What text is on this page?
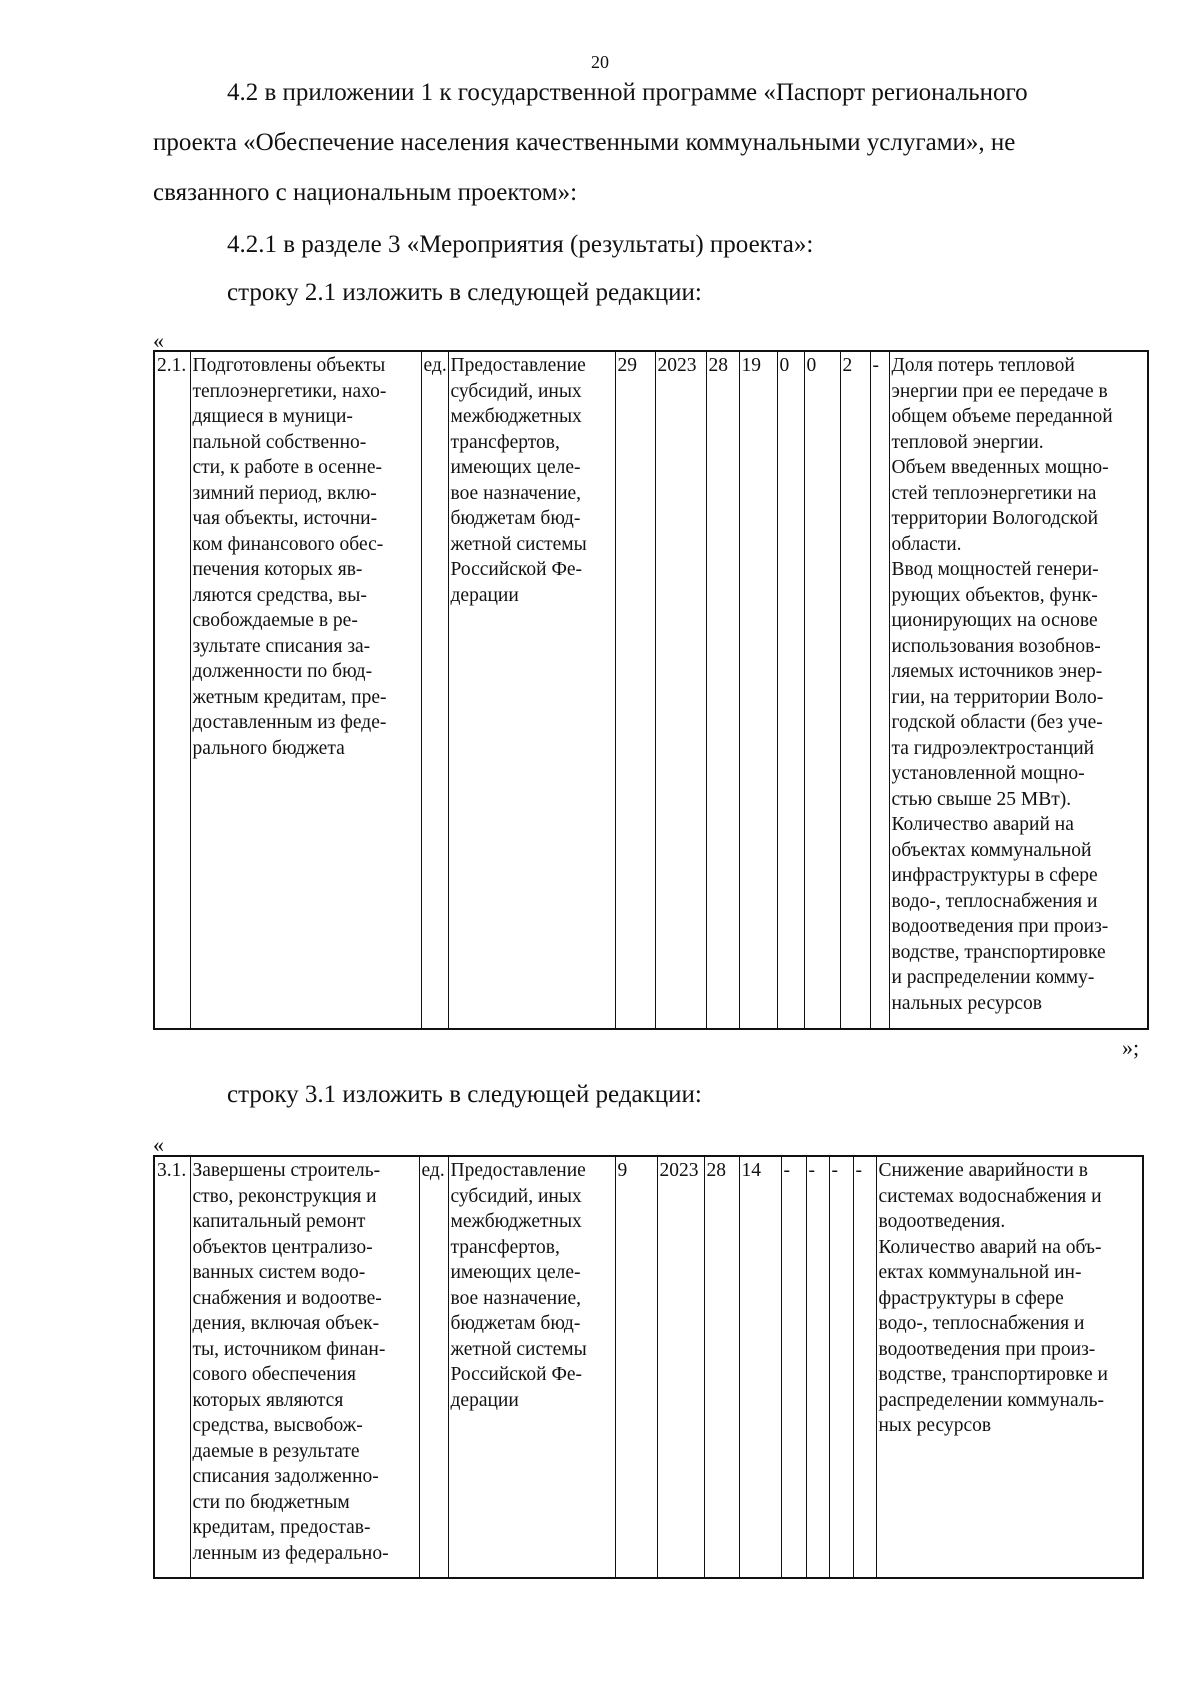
20
4.2 в приложении 1 к государственной программе «Паспорт регионального
проекта «Обеспечение населения качественными коммунальными услугами», не
связанного с национальным проектом»:
4.2.1 в разделе 3 «Мероприятия (результаты) проекта»:
строку 2.1 изложить в следующей редакции:
«
2.1.	Подготовлены объекты
теплоэнергетики, нахо-
дящиеся в муници-
пальной собственно-
сти, к работе в осенне-
зимний период, вклю-
чая объекты, источни-
ком финансового обес-
печения которых яв-
ляются средства, вы-
свобождаемые в ре-
зультате списания за-
долженности по бюд-
жетным кредитам, пре-
доставленным из феде-
рального бюджета	ед.	Предоставление
субсидий, иных
межбюджетных
трансфертов,
имеющих целе-
вое назначение,
бюджетам бюд-
жетной системы
Российской Фе-
дерации	29	2023	28	19	0	0	2	-	Доля потерь тепловой
энергии при ее передаче в
общем объеме переданной
тепловой энергии.
Объем введенных мощно-
стей теплоэнергетики на
территории Вологодской
области.
Ввод мощностей генери-
рующих объектов, функ-
ционирующих на основе
использования возобнов-
ляемых источников энер-
гии, на территории Воло-
годской области (без уче-
та гидроэлектростанций
установленной мощно-
стью свыше 25 МВт).
Количество аварий на
объектах коммунальной
инфраструктуры в сфере
водо-, теплоснабжения и
водоотведения при произ-
водстве, транспортировке
и распределении комму-
нальных ресурсов
»;
строку 3.1 изложить в следующей редакции:
«
3.1.	Завершены строитель-
ство, реконструкция и
капитальный ремонт
объектов централизо-
ванных систем водо-
снабжения и водоотве-
дения, включая объек-
ты, источником финан-
сового обеспечения
которых являются
средства, высвобож-
даемые в результате
списания задолженно-
сти по бюджетным
кредитам, предостав-
ленным из федерально-	ед.	Предоставление
субсидий, иных
межбюджетных
трансфертов,
имеющих целе-
вое назначение,
бюджетам бюд-
жетной системы
Российской Фе-
дерации	9	2023	28	14	-	-	-	-	Снижение аварийности в
системах водоснабжения и
водоотведения.
Количество аварий на объ-
ектах коммунальной ин-
фраструктуры в сфере
водо-, теплоснабжения и
водоотведения при произ-
водстве, транспортировке и
распределении коммуналь-
ных ресурсов
